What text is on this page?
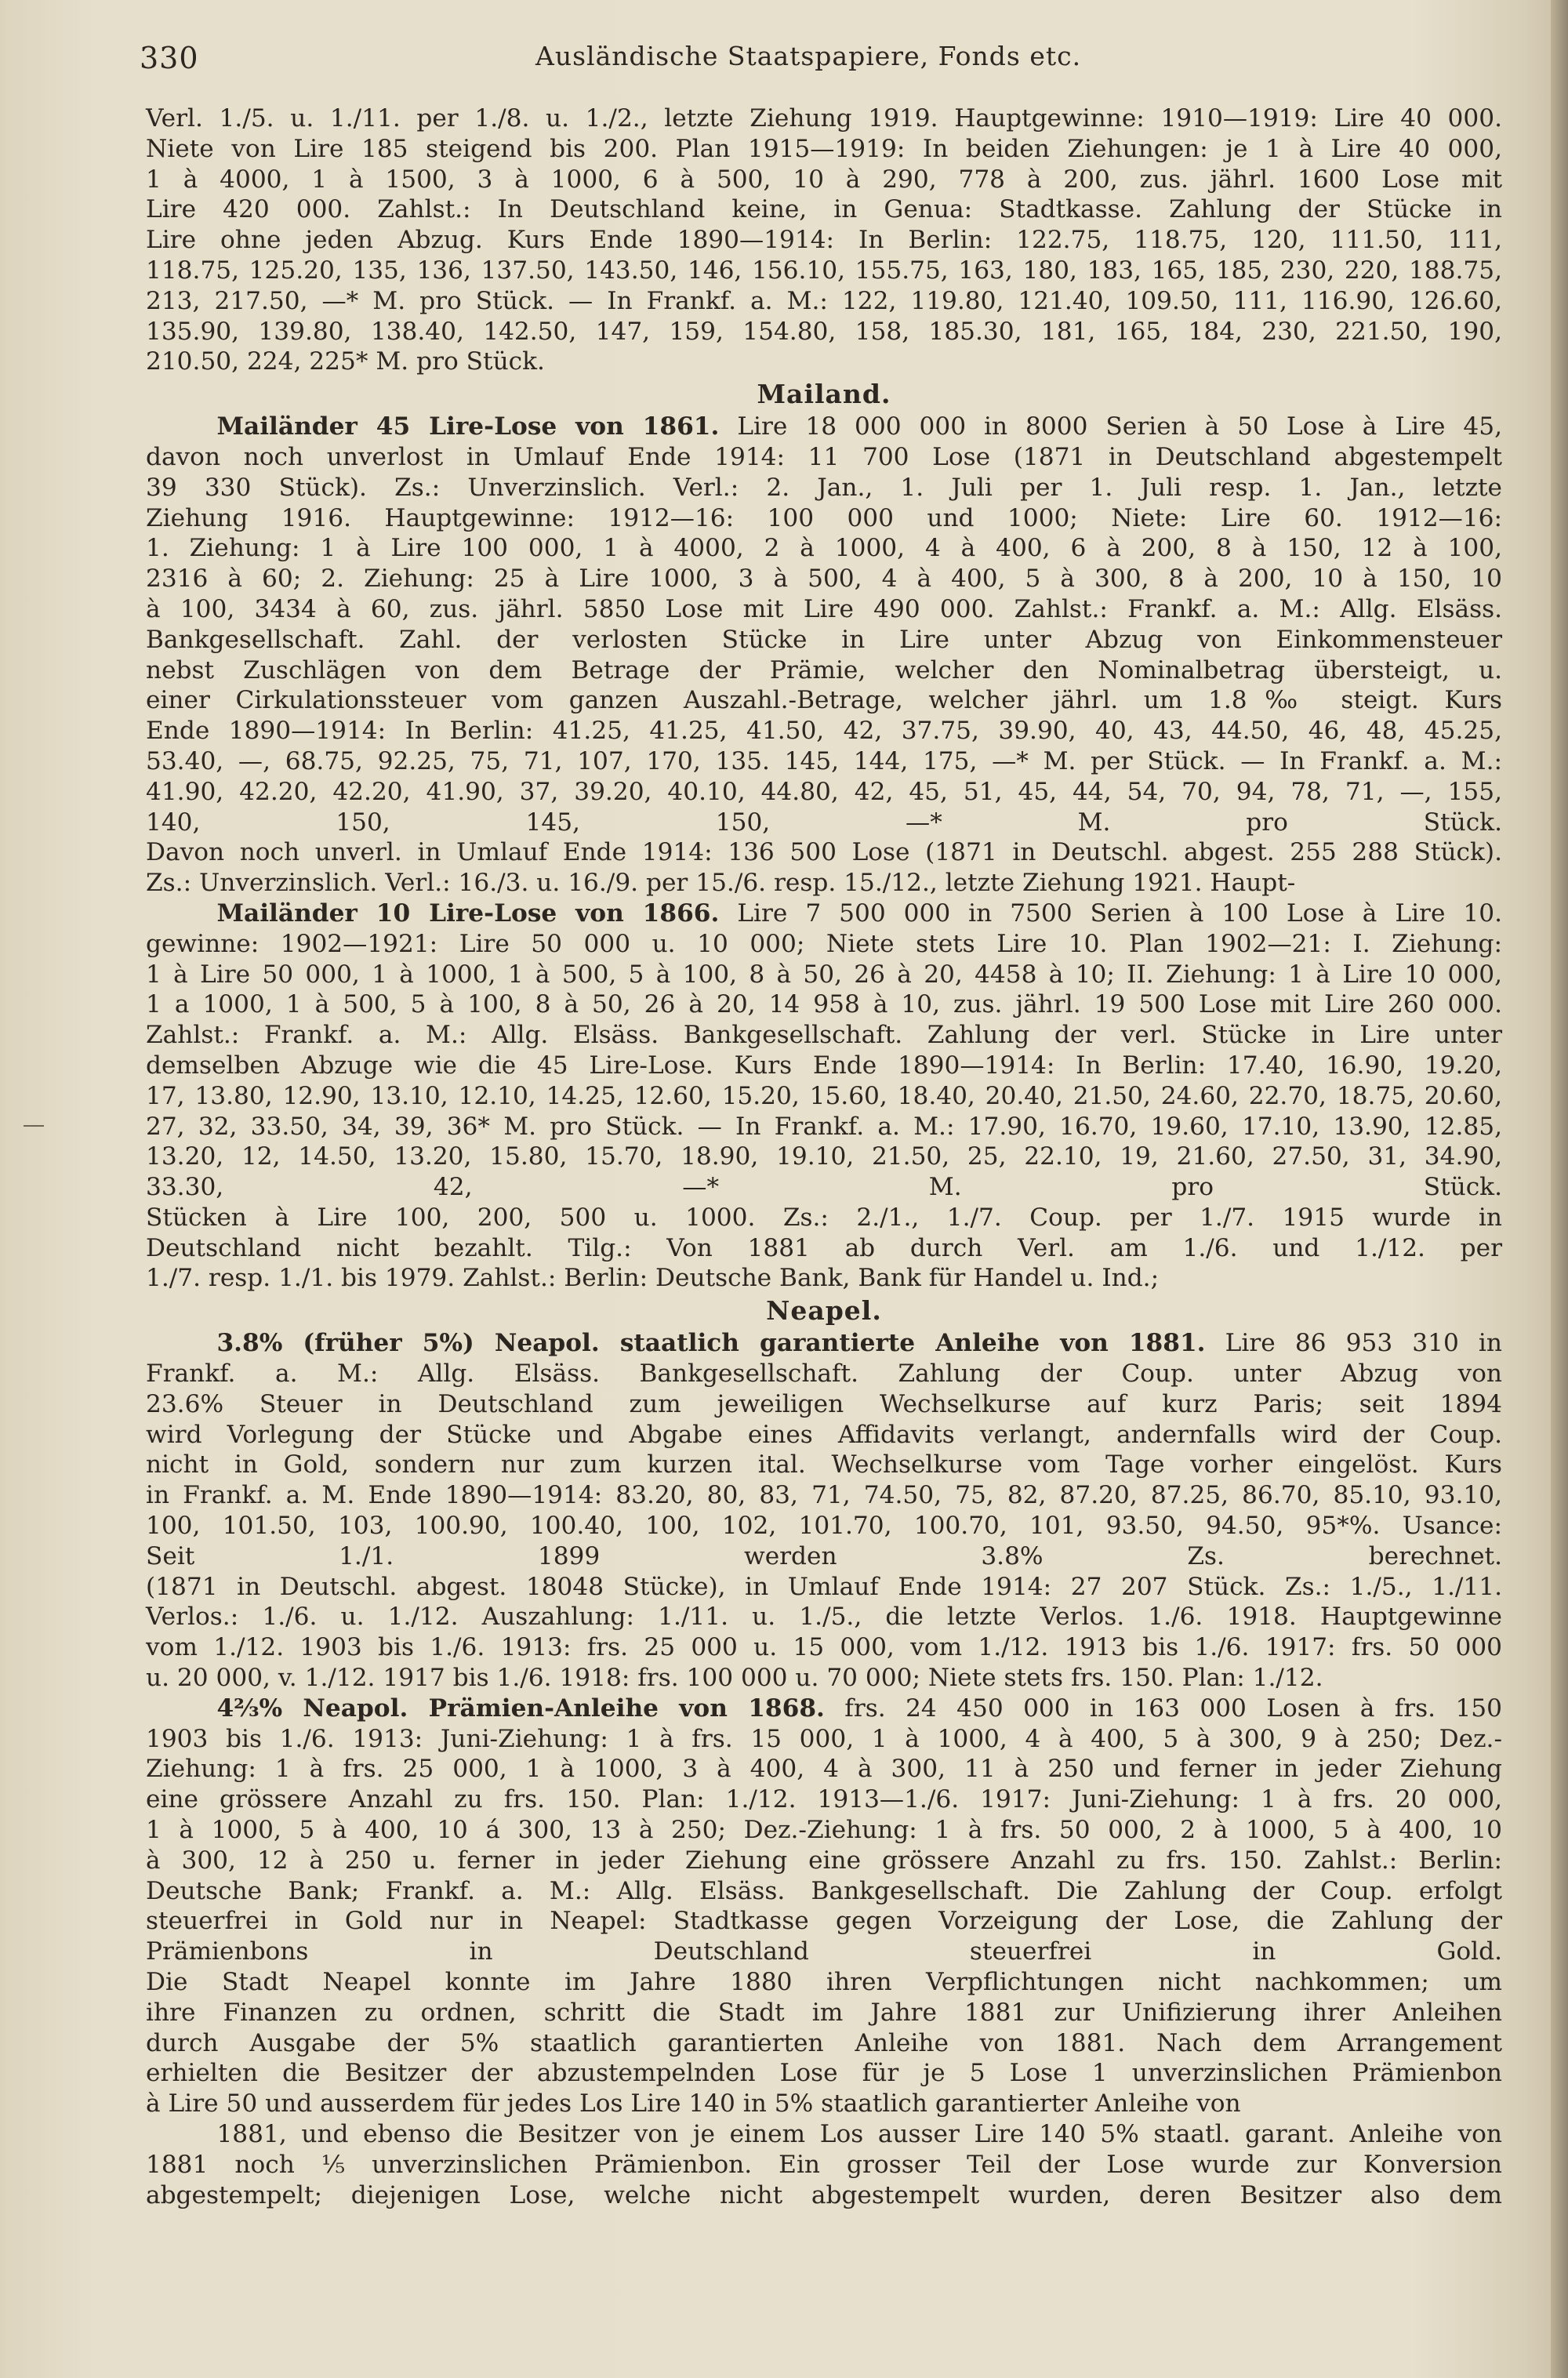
330	Ausländische Staatspapiere, Fonds etc.

Verl. 1./5. u. 1./11. per 1./8. u. 1./2., letzte Ziehung 1919. Hauptgewinne: 1910—1919: Lire 40 000.

Niete von Lire 185 steigend bis 200. Plan 1915—1919: In beiden Ziehungen: je 1 à Lire 40 000,

1 à 4000, 1 à 1500, 3 à 1000, 6 à 500, 10 à 290, 778 à 200, zus. jährl. 1600 Lose mit

Lire 420 000. Zahlst.: In Deutschland keine, in Genua: Stadtkasse. Zahlung der Stücke in

Lire ohne jeden Abzug. Kurs Ende 1890—1914: In Berlin: 122.75, 118.75, 120, 111.50, 111,

118.75, 125.20, 135, 136, 137.50, 143.50, 146, 156.10, 155.75, 163, 180, 183, 165, 185, 230, 220, 188.75,

213, 217.50, —* M. pro Stück. — In Frankf. a. M.: 122, 119.80, 121.40, 109.50, 111, 116.90, 126.60,

135.90, 139.80, 138.40, 142.50, 147, 159, 154.80, 158, 185.30, 181, 165, 184, 230, 221.50, 190,

210.50, 224, 225* M. pro Stück.

Mailand.

Mailänder 45 Lire-Lose von 1861. Lire 18 000 000 in 8000 Serien à 50 Lose à Lire 45,

davon noch unverlost in Umlauf Ende 1914: 11 700 Lose (1871 in Deutschland abgestempelt

39 330 Stück). Zs.: Unverzinslich. Verl.: 2. Jan., 1. Juli per 1. Juli resp. 1. Jan., letzte

Ziehung 1916. Hauptgewinne: 1912—16: 100 000 und 1000; Niete: Lire 60. 1912—16:

1. Ziehung: 1 à Lire 100 000, 1 à 4000, 2 à 1000, 4 à 400, 6 à 200, 8 à 150, 12 à 100,

2316 à 60; 2. Ziehung: 25 à Lire 1000, 3 à 500, 4 à 400, 5 à 300, 8 à 200, 10 à 150, 10

à 100, 3434 à 60, zus. jährl. 5850 Lose mit Lire 490 000. Zahlst.: Frankf. a. M.: Allg. Elsäss.

Bankgesellschaft. Zahl. der verlosten Stücke in Lire unter Abzug von Einkommensteuer

nebst Zuschlägen von dem Betrage der Prämie, welcher den Nominalbetrag übersteigt, u.

einer Cirkulationssteuer vom ganzen Auszahl.-Betrage, welcher jährl. um 1.8‰ steigt. Kurs

Ende 1890—1914: In Berlin: 41.25, 41.25, 41.50, 42, 37.75, 39.90, 40, 43, 44.50, 46, 48, 45.25,

53.40, —, 68.75, 92.25, 75, 71, 107, 170, 135. 145, 144, 175, —* M. per Stück. — In Frankf. a. M.:

41.90, 42.20, 42.20, 41.90, 37, 39.20, 40.10, 44.80, 42, 45, 51, 45, 44, 54, 70, 94, 78, 71, —, 155,

140, 150, 145, 150, —* M. pro Stück.

Davon noch unverl. in Umlauf Ende 1914: 136 500 Lose (1871 in Deutschl. abgest. 255 288 Stück).

Zs.: Unverzinslich. Verl.: 16./3. u. 16./9. per 15./6. resp. 15./12., letzte Ziehung 1921. Haupt-

Mailänder 10 Lire-Lose von 1866. Lire 7 500 000 in 7500 Serien à 100 Lose à Lire 10.

gewinne: 1902—1921: Lire 50 000 u. 10 000; Niete stets Lire 10. Plan 1902—21: I. Ziehung:

1 à Lire 50 000, 1 à 1000, 1 à 500, 5 à 100, 8 à 50, 26 à 20, 4458 à 10; II. Ziehung: 1 à Lire 10 000,

1 a 1000, 1 à 500, 5 à 100, 8 à 50, 26 à 20, 14 958 à 10, zus. jährl. 19 500 Lose mit Lire 260 000.

Zahlst.: Frankf. a. M.: Allg. Elsäss. Bankgesellschaft. Zahlung der verl. Stücke in Lire unter

demselben Abzuge wie die 45 Lire-Lose. Kurs Ende 1890—1914: In Berlin: 17.40, 16.90, 19.20,

17, 13.80, 12.90, 13.10, 12.10, 14.25, 12.60, 15.20, 15.60, 18.40, 20.40, 21.50, 24.60, 22.70, 18.75, 20.60,

27, 32, 33.50, 34, 39, 36* M. pro Stück. — In Frankf. a. M.: 17.90, 16.70, 19.60, 17.10, 13.90, 12.85,

13.20, 12, 14.50, 13.20, 15.80, 15.70, 18.90, 19.10, 21.50, 25, 22.10, 19, 21.60, 27.50, 31, 34.90,

33.30, 42, —* M. pro Stück.

Stücken à Lire 100, 200, 500 u. 1000. Zs.: 2./1., 1./7. Coup. per 1./7. 1915 wurde in

Deutschland nicht bezahlt. Tilg.: Von 1881 ab durch Verl. am 1./6. und 1./12. per

1./7. resp. 1./1. bis 1979. Zahlst.: Berlin: Deutsche Bank, Bank für Handel u. Ind.;

Neapel.

3.8% (früher 5%) Neapol. staatlich garantierte Anleihe von 1881. Lire 86 953 310 in

Frankf. a. M.: Allg. Elsäss. Bankgesellschaft. Zahlung der Coup. unter Abzug von

23.6% Steuer in Deutschland zum jeweiligen Wechselkurse auf kurz Paris; seit 1894

wird Vorlegung der Stücke und Abgabe eines Affidavits verlangt, andernfalls wird der Coup.

nicht in Gold, sondern nur zum kurzen ital. Wechselkurse vom Tage vorher eingelöst. Kurs

in Frankf. a. M. Ende 1890—1914: 83.20, 80, 83, 71, 74.50, 75, 82, 87.20, 87.25, 86.70, 85.10, 93.10,

100, 101.50, 103, 100.90, 100.40, 100, 102, 101.70, 100.70, 101, 93.50, 94.50, 95*%. Usance:

Seit 1./1. 1899 werden 3.8% Zs. berechnet.

(1871 in Deutschl. abgest. 18048 Stücke), in Umlauf Ende 1914: 27 207 Stück. Zs.: 1./5., 1./11.

Verlos.: 1./6. u. 1./12. Auszahlung: 1./11. u. 1./5., die letzte Verlos. 1./6. 1918. Hauptgewinne

vom 1./12. 1903 bis 1./6. 1913: frs. 25 000 u. 15 000, vom 1./12. 1913 bis 1./6. 1917: frs. 50 000

u. 20 000, v. 1./12. 1917 bis 1./6. 1918: frs. 100 000 u. 70 000; Niete stets frs. 150. Plan: 1./12.

4⅔% Neapol. Prämien-Anleihe von 1868. frs. 24 450 000 in 163 000 Losen à frs. 150

1903 bis 1./6. 1913: Juni-Ziehung: 1 à frs. 15 000, 1 à 1000, 4 à 400, 5 à 300, 9 à 250; Dez.-

Ziehung: 1 à frs. 25 000, 1 à 1000, 3 à 400, 4 à 300, 11 à 250 und ferner in jeder Ziehung

eine grössere Anzahl zu frs. 150. Plan: 1./12. 1913—1./6. 1917: Juni-Ziehung: 1 à frs. 20 000,

1 à 1000, 5 à 400, 10 á 300, 13 à 250; Dez.-Ziehung: 1 à frs. 50 000, 2 à 1000, 5 à 400, 10

à 300, 12 à 250 u. ferner in jeder Ziehung eine grössere Anzahl zu frs. 150. Zahlst.: Berlin:

Deutsche Bank; Frankf. a. M.: Allg. Elsäss. Bankgesellschaft. Die Zahlung der Coup. erfolgt

steuerfrei in Gold nur in Neapel: Stadtkasse gegen Vorzeigung der Lose, die Zahlung der

Prämienbons in Deutschland steuerfrei in Gold.

Die Stadt Neapel konnte im Jahre 1880 ihren Verpflichtungen nicht nachkommen; um

ihre Finanzen zu ordnen, schritt die Stadt im Jahre 1881 zur Unifizierung ihrer Anleihen

durch Ausgabe der 5% staatlich garantierten Anleihe von 1881. Nach dem Arrangement

erhielten die Besitzer der abzustempelnden Lose für je 5 Lose 1 unverzinslichen Prämienbon

à Lire 50 und ausserdem für jedes Los Lire 140 in 5% staatlich garantierter Anleihe von

1881, und ebenso die Besitzer von je einem Los ausser Lire 140 5% staatl. garant. Anleihe von

1881 noch ⅕ unverzinslichen Prämienbon. Ein grosser Teil der Lose wurde zur Konversion

abgestempelt; diejenigen Lose, welche nicht abgestempelt wurden, deren Besitzer also dem
